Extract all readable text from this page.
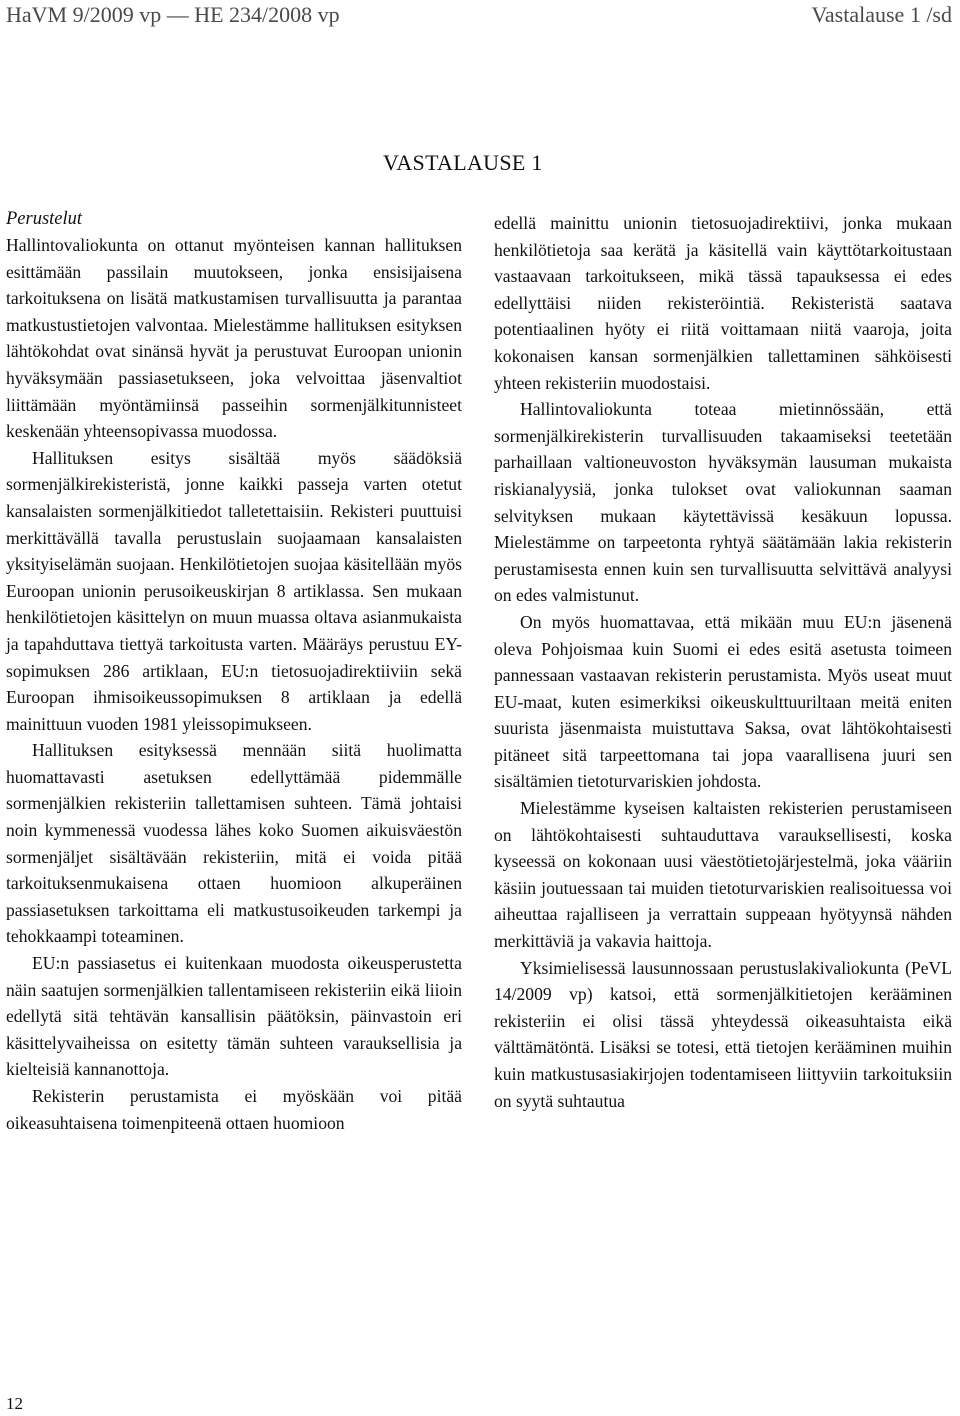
HaVM 9/2009 vp — HE 234/2008 vp	Vastalause 1 /sd
VASTALAUSE 1

Perustelut

Hallintovaliokunta on ottanut myönteisen kannan hallituksen esittämään passilain muutokseen, jonka ensisijaisena tarkoituksena on lisätä matkustamisen turvallisuutta ja parantaa matkustustietojen valvontaa. Mielestämme hallituksen esityksen lähtökohdat ovat sinänsä hyvät ja perustuvat Euroopan unionin hyväksymään passiasetukseen, joka velvoittaa jäsenvaltiot liittämään myöntämiinsä passeihin sormenjälkitunnisteet keskenään yhteensopivassa muodossa.

Hallituksen esitys sisältää myös säädöksiä sormenjälkirekisteristä, jonne kaikki passeja varten otetut kansalaisten sormenjälkitiedot talletettaisiin. Rekisteri puuttuisi merkittävällä tavalla perustuslain suojaamaan kansalaisten yksityiselämän suojaan. Henkilötietojen suojaa käsitellään myös Euroopan unionin perusoikeuskirjan 8 artiklassa. Sen mukaan henkilötietojen käsittelyn on muun muassa oltava asianmukaista ja tapahduttava tiettyä tarkoitusta varten. Määräys perustuu EY-sopimuksen 286 artiklaan, EU:n tietosuojadirektiiviin sekä Euroopan ihmisoikeussopimuksen 8 artiklaan ja edellä mainittuun vuoden 1981 yleissopimukseen.

Hallituksen esityksessä mennään siitä huolimatta huomattavasti asetuksen edellyttämää pidemmälle sormenjälkien rekisteriin tallettamisen suhteen. Tämä johtaisi noin kymmenessä vuodessa lähes koko Suomen aikuisväestön sormenjäljet sisältävään rekisteriin, mitä ei voida pitää tarkoituksenmukaisena ottaen huomioon alkuperäinen passiasetuksen tarkoittama eli matkustusoikeuden tarkempi ja tehokkaampi toteaminen.

EU:n passiasetus ei kuitenkaan muodosta oikeusperustetta näin saatujen sormenjälkien tallentamiseen rekisteriin eikä liioin edellytä sitä tehtävän kansallisin päätöksin, päinvastoin eri käsittelyvaiheissa on esitetty tämän suhteen varauksellisia ja kielteisiä kannanottoja.

Rekisterin perustamista ei myöskään voi pitää oikeasuhtaisena toimenpiteenä ottaen huomioon

edellä mainittu unionin tietosuojadirektiivi, jonka mukaan henkilötietoja saa kerätä ja käsitellä vain käyttötarkoitustaan vastaavaan tarkoitukseen, mikä tässä tapauksessa ei edes edellyttäisi niiden rekisteröintiä. Rekisteristä saatava potentiaalinen hyöty ei riitä voittamaan niitä vaaroja, joita kokonaisen kansan sormenjälkien tallettaminen sähköisesti yhteen rekisteriin muodostaisi.

Hallintovaliokunta toteaa mietinnössään, että sormenjälkirekisterin turvallisuuden takaamiseksi teetetään parhaillaan valtioneuvoston hyväksymän lausuman mukaista riskianalyysiä, jonka tulokset ovat valiokunnan saaman selvityksen mukaan käytettävissä kesäkuun lopussa. Mielestämme on tarpeetonta ryhtyä säätämään lakia rekisterin perustamisesta ennen kuin sen turvallisuutta selvittävä analyysi on edes valmistunut.

On myös huomattavaa, että mikään muu EU:n jäsenenä oleva Pohjoismaa kuin Suomi ei edes esitä asetusta toimeen pannessaan vastaavan rekisterin perustamista. Myös useat muut EU-maat, kuten esimerkiksi oikeuskulttuuriltaan meitä eniten suurista jäsenmaista muistuttava Saksa, ovat lähtökohtaisesti pitäneet sitä tarpeettomana tai jopa vaarallisena juuri sen sisältämien tietoturvariskien johdosta.

Mielestämme kyseisen kaltaisten rekisterien perustamiseen on lähtökohtaisesti suhtauduttava varauksellisesti, koska kyseessä on kokonaan uusi väestötietojärjestelmä, joka vääriin käsiin joutuessaan tai muiden tietoturvariskien realisoituessa voi aiheuttaa rajalliseen ja verrattain suppeaan hyötyynsä nähden merkittäviä ja vakavia haittoja.

Yksimielisessä lausunnossaan perustuslakivaliokunta (PeVL 14/2009 vp) katsoi, että sormenjälkitietojen kerääminen rekisteriin ei olisi tässä yhteydessä oikeasuhtaista eikä välttämätöntä. Lisäksi se totesi, että tietojen kerääminen muihin kuin matkustusasiakirjojen todentamiseen liittyviin tarkoituksiin on syytä suhtautua

12
